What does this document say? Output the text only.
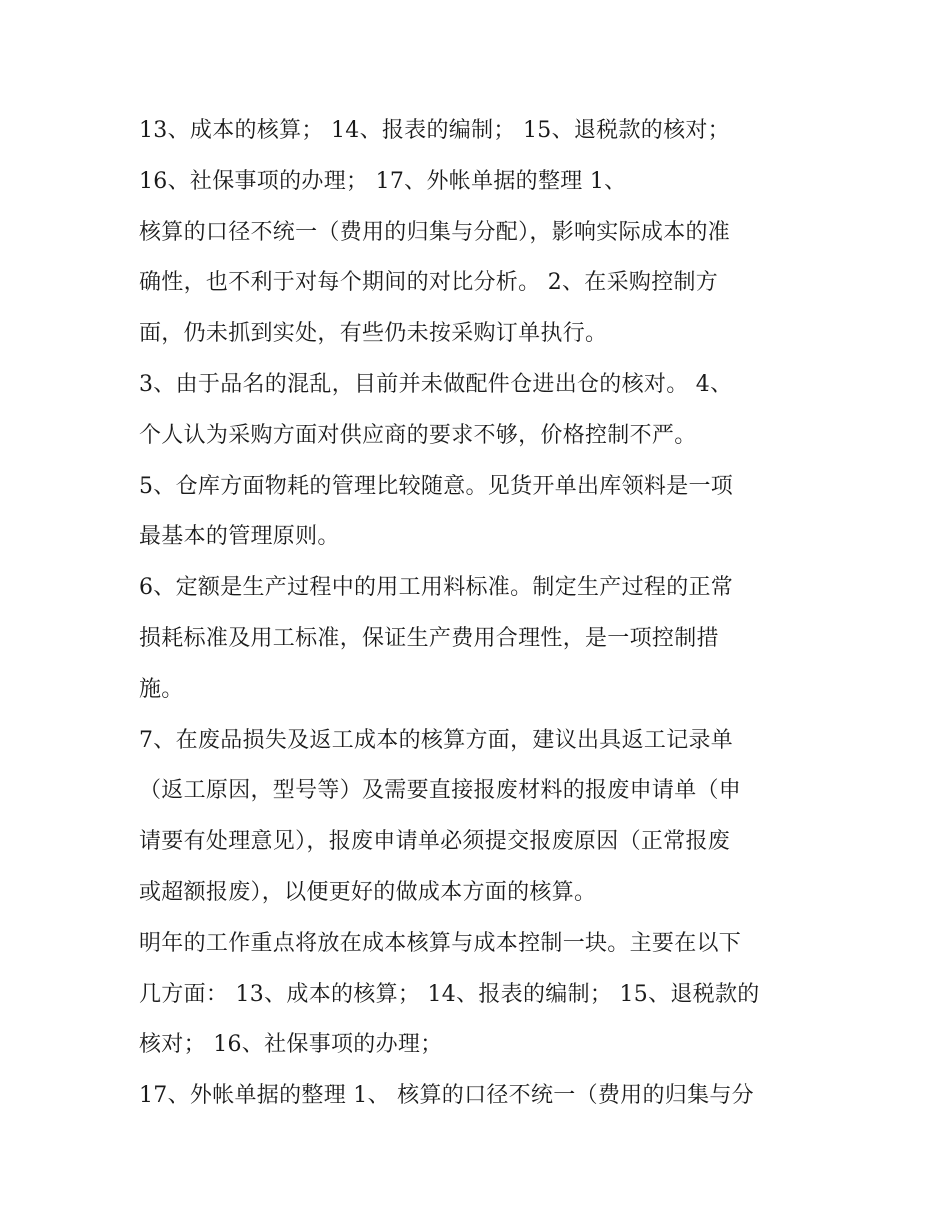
13、成本的核算； 14、报表的编制； 15、退税款的核对；
16、社保事项的办理； 17、外帐单据的整理 1、
核算的口径不统一（费用的归集与分配），影响实际成本的准
确性，也不利于对每个期间的对比分析。 2、在采购控制方
面，仍未抓到实处，有些仍未按采购订单执行。
3、由于品名的混乱，目前并未做配件仓进出仓的核对。 4、
个人认为采购方面对供应商的要求不够，价格控制不严。
5、仓库方面物耗的管理比较随意。见货开单出库领料是一项
最基本的管理原则。
6、定额是生产过程中的用工用料标准。制定生产过程的正常
损耗标准及用工标准，保证生产费用合理性，是一项控制措
施。
7、在废品损失及返工成本的核算方面，建议出具返工记录单
（返工原因，型号等）及需要直接报废材料的报废申请单（申
请要有处理意见），报废申请单必须提交报废原因（正常报废
或超额报废），以便更好的做成本方面的核算。
明年的工作重点将放在成本核算与成本控制一块。主要在以下
几方面： 13、成本的核算； 14、报表的编制； 15、退税款的
核对； 16、社保事项的办理；
17、外帐单据的整理 1、 核算的口径不统一（费用的归集与分
